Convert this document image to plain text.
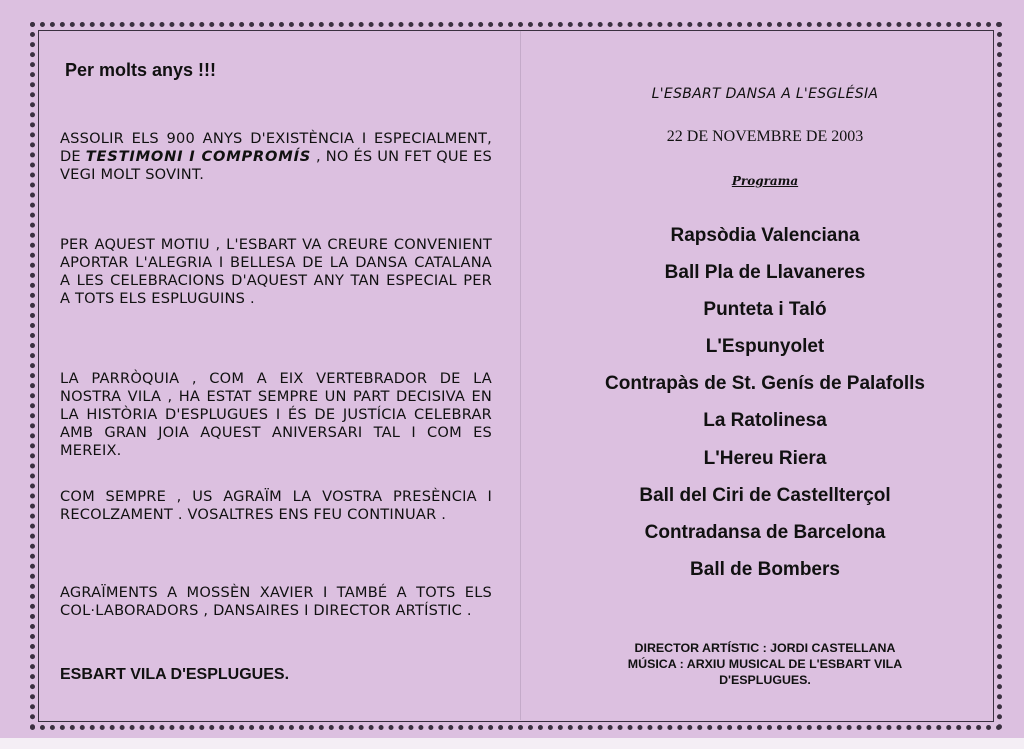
Per molts anys !!!
ASSOLIR ELS 900 ANYS D'EXISTÈNCIA I ESPECIALMENT, DE TESTIMONI I COMPROMÍS , NO ÉS UN FET QUE ES VEGI MOLT SOVINT.
PER AQUEST MOTIU , L'ESBART VA CREURE CONVENIENT APORTAR L'ALEGRIA I BELLESA DE LA DANSA CATALANA A LES CELEBRACIONS D'AQUEST ANY TAN ESPECIAL PER A TOTS ELS ESPLUGUINS .
LA PARRÒQUIA , COM A EIX VERTEBRADOR DE LA NOSTRA VILA , HA ESTAT SEMPRE UN PART DECISIVA EN LA HISTÒRIA D'ESPLUGUES I ÉS DE JUSTÍCIA CELEBRAR AMB GRAN JOIA AQUEST ANIVERSARI TAL I COM ES MEREIX.
COM SEMPRE , US AGRAÏM LA VOSTRA PRESÈNCIA I RECOLZAMENT . VOSALTRES ENS FEU CONTINUAR .
AGRAÏMENTS A MOSSÈN XAVIER I TAMBÉ A TOTS ELS COL·LABORADORS , DANSAIRES I DIRECTOR ARTÍSTIC .
ESBART VILA D'ESPLUGUES.
L'ESBART DANSA A L'ESGLÉSIA
22 DE NOVEMBRE DE 2003
Programa
Rapsòdia Valenciana
Ball Pla de Llavaneres
Punteta i Taló
L'Espunyolet
Contrapàs de St. Genís de Palafolls
La Ratolinesa
L'Hereu Riera
Ball del Ciri de Castellterçol
Contradansa de Barcelona
Ball de Bombers
DIRECTOR ARTÍSTIC : JORDI CASTELLANA
MÚSICA : ARXIU MUSICAL DE L'ESBART VILA
D'ESPLUGUES.
